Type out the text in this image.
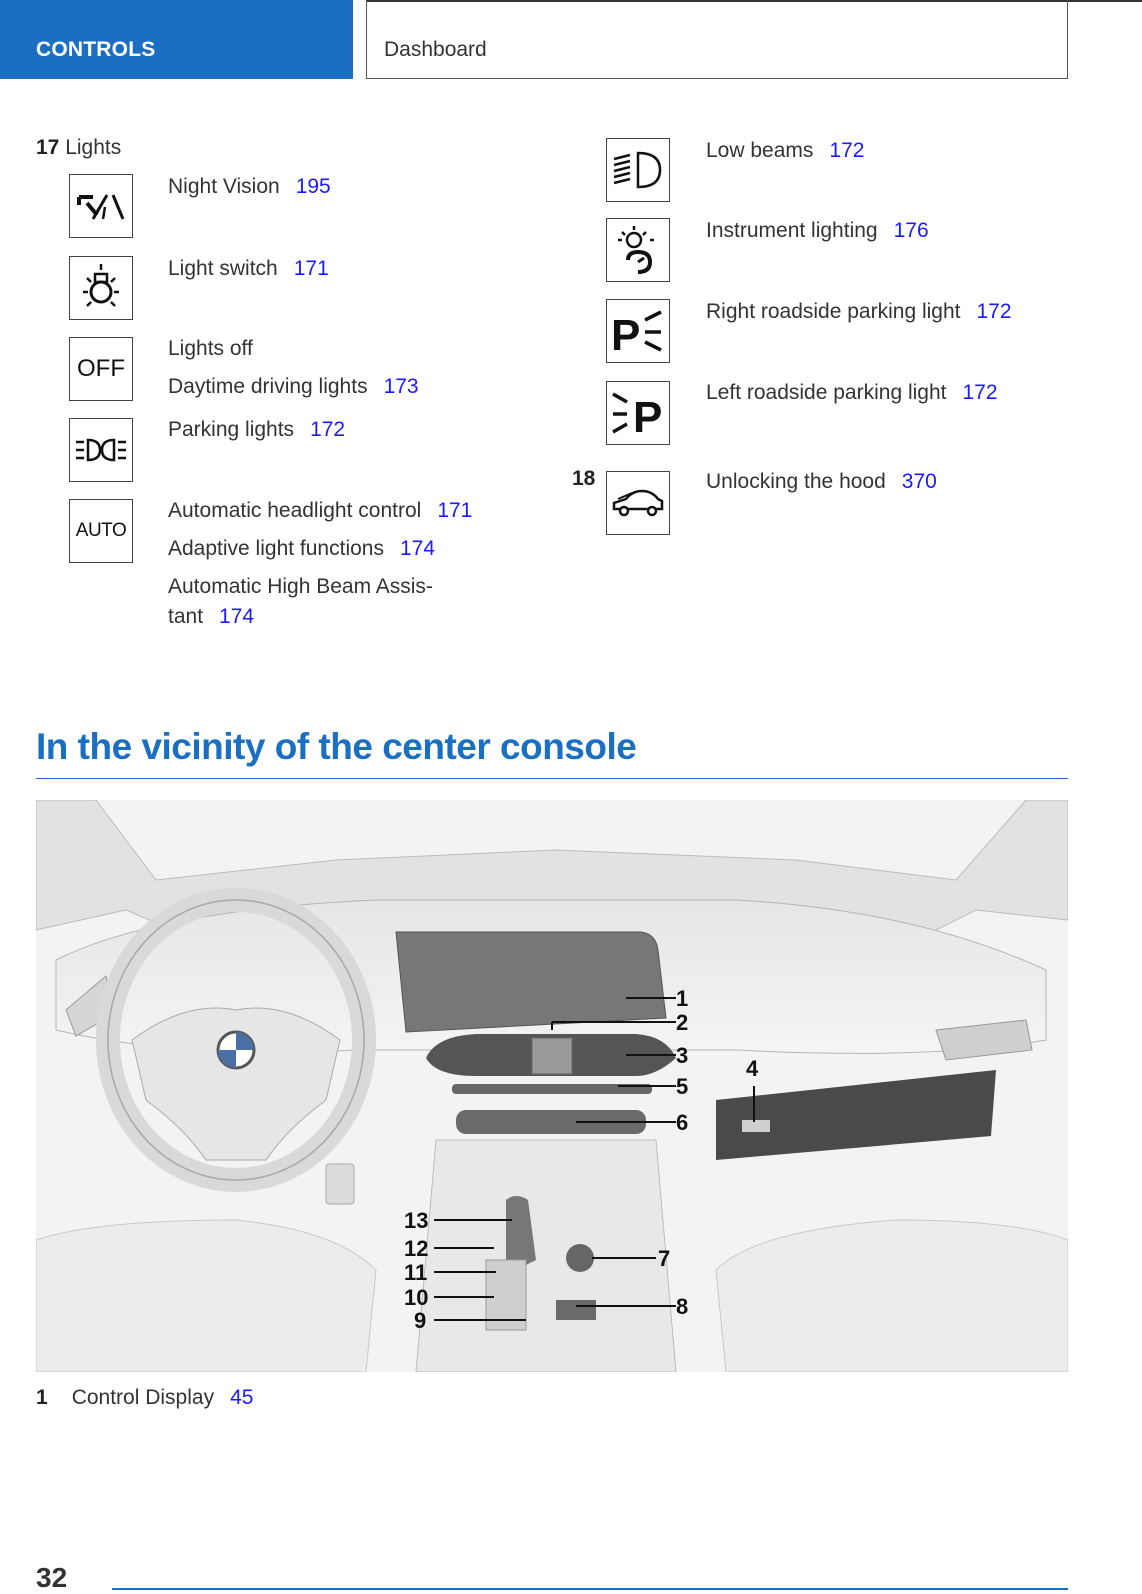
CONTROLS	Dashboard
17 Lights
Night Vision 195
Light switch 171
OFF
Lights off
Daytime driving lights 173
Parking lights 172
AUTO
Automatic headlight control 171
Adaptive light functions 174
Automatic High Beam Assis-
tant 174
Low beams 172
Instrument lighting 176
P	Right roadside parking light 172
P
Left roadside parking light 172
18	Unlocking the hood 370
In the vicinity of the center console
1
2
3
4
5
6
7
8
9
10
11
12
13
1 Control Display 45
32
